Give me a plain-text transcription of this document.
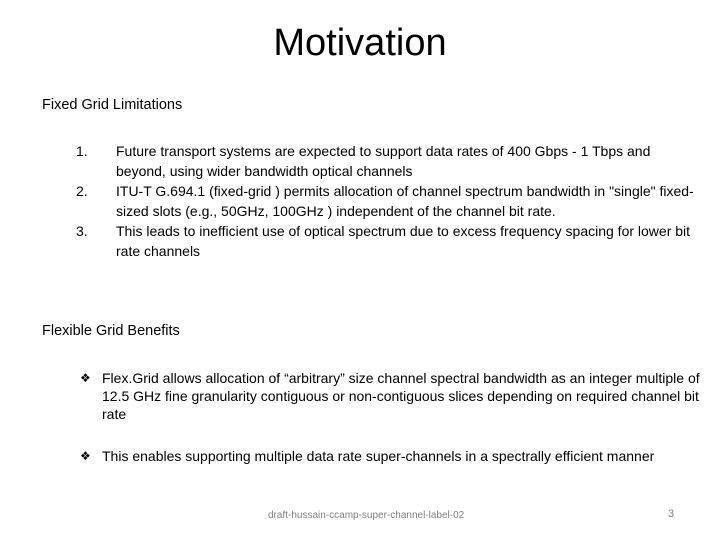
Motivation
Fixed Grid Limitations
1.	Future transport systems are expected to support data rates of 400 Gbps - 1 Tbps and beyond, using wider bandwidth optical channels
2.	ITU-T G.694.1 (fixed-grid ) permits allocation of channel spectrum bandwidth in "single" fixed- sized slots (e.g., 50GHz, 100GHz ) independent of the channel bit rate.
3.	This leads to inefficient use of optical spectrum due to excess frequency spacing for lower bit rate channels
Flexible Grid Benefits
❖ Flex.Grid allows allocation of “arbitrary” size channel spectral bandwidth as an integer multiple of 12.5 GHz fine granularity contiguous or non-contiguous slices depending on required channel bit rate
❖ This enables supporting multiple data rate super-channels in a spectrally efficient manner
draft-hussain-ccamp-super-channel-label-02	3
